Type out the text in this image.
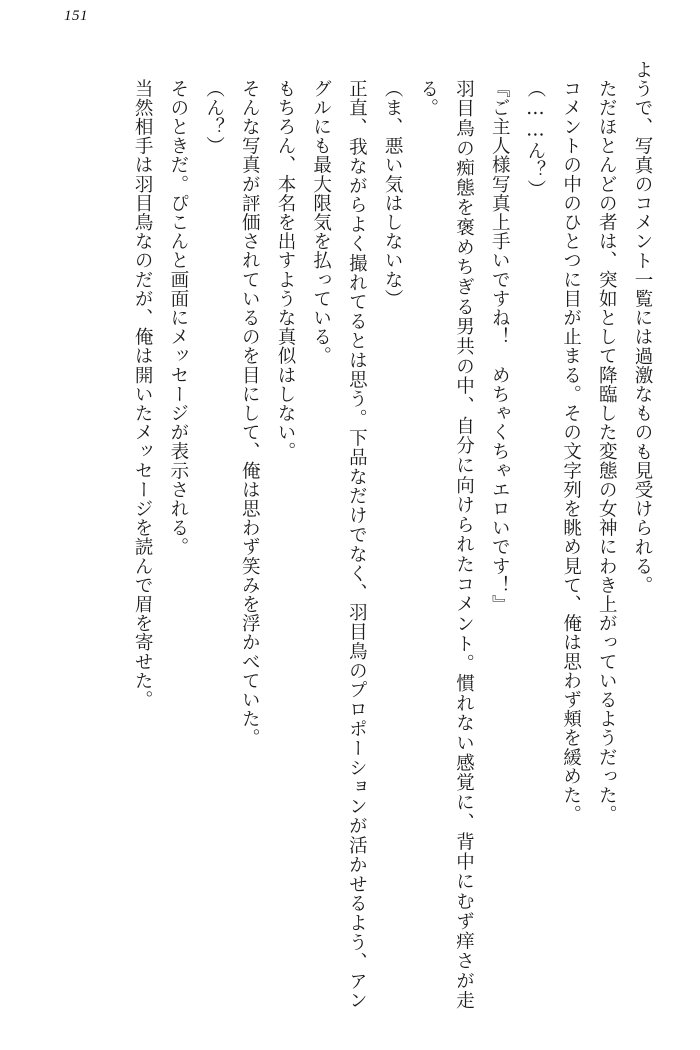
151
ようで、写真のコメント一覧には過激なものも見受けられる。
ただほとんどの者は、突如として降臨した変態の女神にわき上がっているようだった。
コメントの中のひとつに目が止まる。その文字列を眺め見て、俺は思わず頬を緩めた。
（……ん？）
『ご主人様写真上手いですね！　めちゃくちゃエロいです！』
羽目鳥の痴態を褒めちぎる男共の中、自分に向けられたコメント。慣れない感覚に、背中にむず痒さが走る。
（ま、悪い気はしないな）
正直、我ながらよく撮れてるとは思う。下品なだけでなく、羽目鳥のプロポーションが活かせるよう、アングルにも最大限気を払っている。
もちろん、本名を出すような真似はしない。
そんな写真が評価されているのを目にして、俺は思わず笑みを浮かべていた。
（ん？）
そのときだ。ぴこんと画面にメッセージが表示される。
当然相手は羽目鳥なのだが、俺は開いたメッセージを読んで眉を寄せた。
